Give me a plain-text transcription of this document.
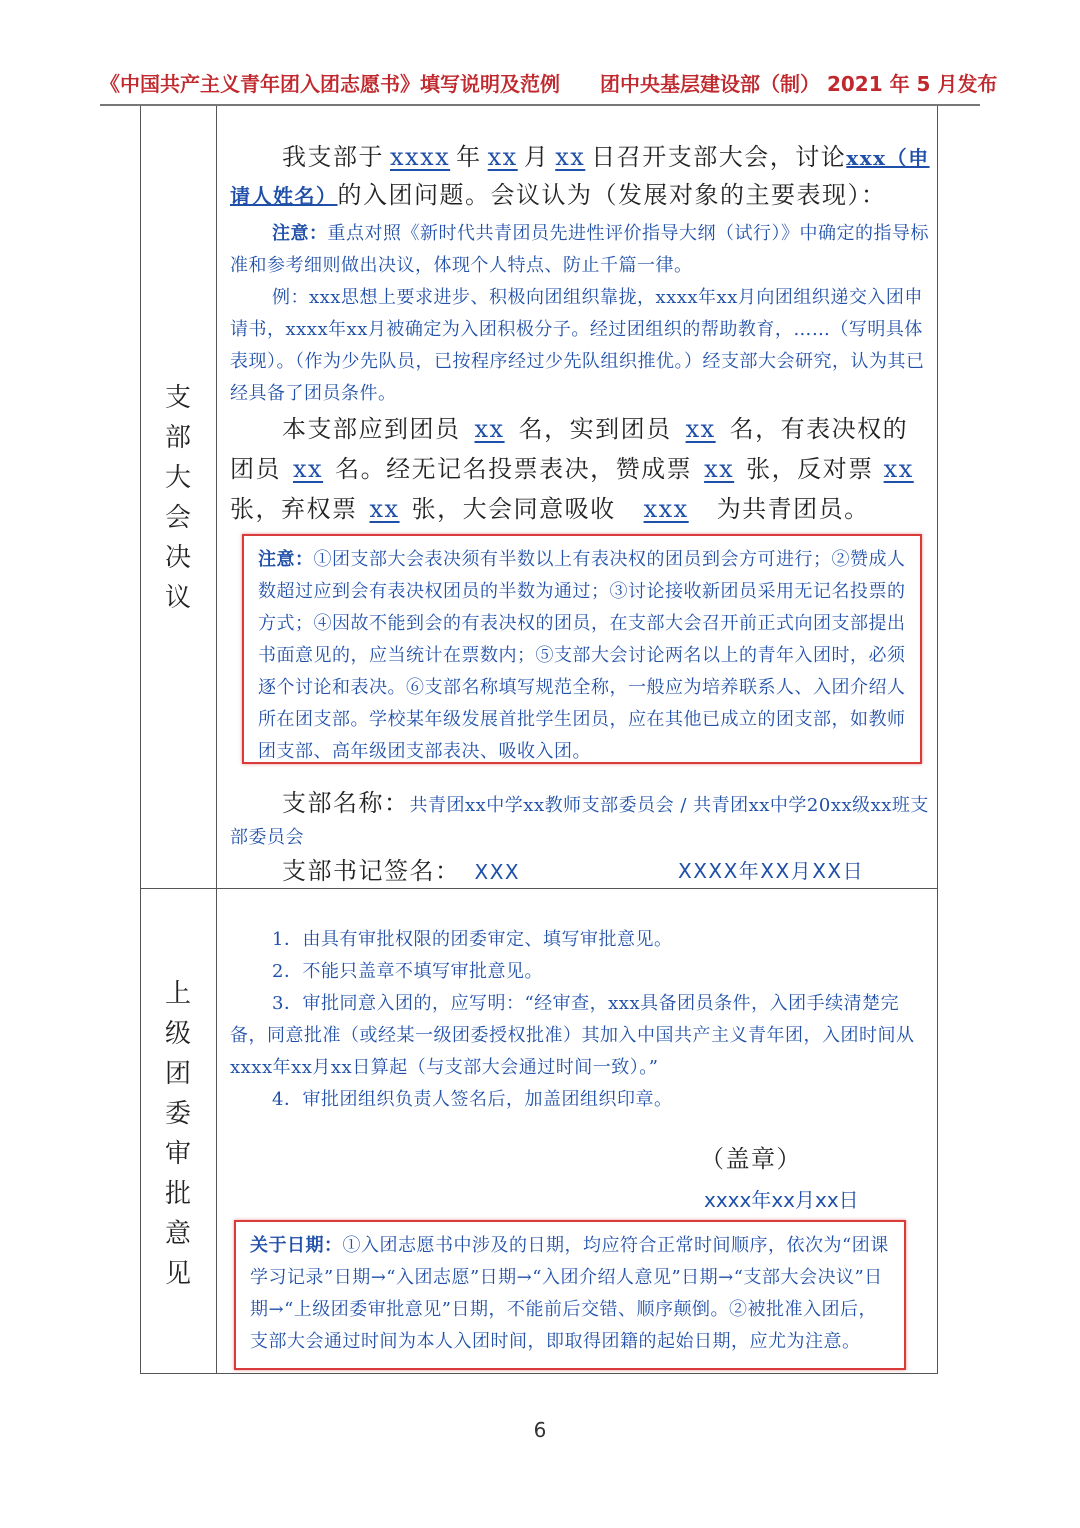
《中国共产主义青年团入团志愿书》填写说明及范例 团中央基层建设部（制） 2021 年 5 月发布
支
部
大
会
决
议
我支部于 xxxx 年 xx 月 xx 日召开支部大会，讨论xxx（申
请人姓名）的入团问题。会议认为（发展对象的主要表现）：
注意：重点对照《新时代共青团员先进性评价指导大纲（试行）》中确定的指导标准和参考细则做出决议，体现个人特点、防止千篇一律。
例：xxx思想上要求进步、积极向团组织靠拢，xxxx年xx月向团组织递交入团申请书，xxxx年xx月被确定为入团积极分子。经过团组织的帮助教育，……（写明具体表现）。（作为少先队员，已按程序经过少先队组织推优。）经支部大会研究，认为其已经具备了团员条件。
本支部应到团员 xx 名，实到团员 xx 名，有表决权的
团员 xx 名。经无记名投票表决，赞成票 xx 张，反对票 xx
张，弃权票 xx 张，大会同意吸收 xxx 为共青团员。
注意：①团支部大会表决须有半数以上有表决权的团员到会方可进行；②赞成人数超过应到会有表决权团员的半数为通过；③讨论接收新团员采用无记名投票的方式；④因故不能到会的有表决权的团员，在支部大会召开前正式向团支部提出书面意见的，应当统计在票数内；⑤支部大会讨论两名以上的青年入团时，必须逐个讨论和表决。⑥支部名称填写规范全称，一般应为培养联系人、入团介绍人所在团支部。学校某年级发展首批学生团员，应在其他已成立的团支部，如教师团支部、高年级团支部表决、吸收入团。
支部名称：共青团xx中学xx教师支部委员会 / 共青团xx中学20xx级xx班支部委员会
支部书记签名： XXX	XXXX年XX月XX日
上
级
团
委
审
批
意
见
1．由具有审批权限的团委审定、填写审批意见。
2．不能只盖章不填写审批意见。
3．审批同意入团的，应写明：“经审查，xxx具备团员条件，入团手续清楚完备，同意批准（或经某一级团委授权批准）其加入中国共产主义青年团，入团时间从xxxx年xx月xx日算起（与支部大会通过时间一致）。”
4．审批团组织负责人签名后，加盖团组织印章。
（盖章）
xxxx年xx月xx日
关于日期：①入团志愿书中涉及的日期，均应符合正常时间顺序，依次为“团课学习记录”日期→“入团志愿”日期→“入团介绍人意见”日期→“支部大会决议”日期→“上级团委审批意见”日期，不能前后交错、顺序颠倒。②被批准入团后，支部大会通过时间为本人入团时间，即取得团籍的起始日期，应尤为注意。
6
